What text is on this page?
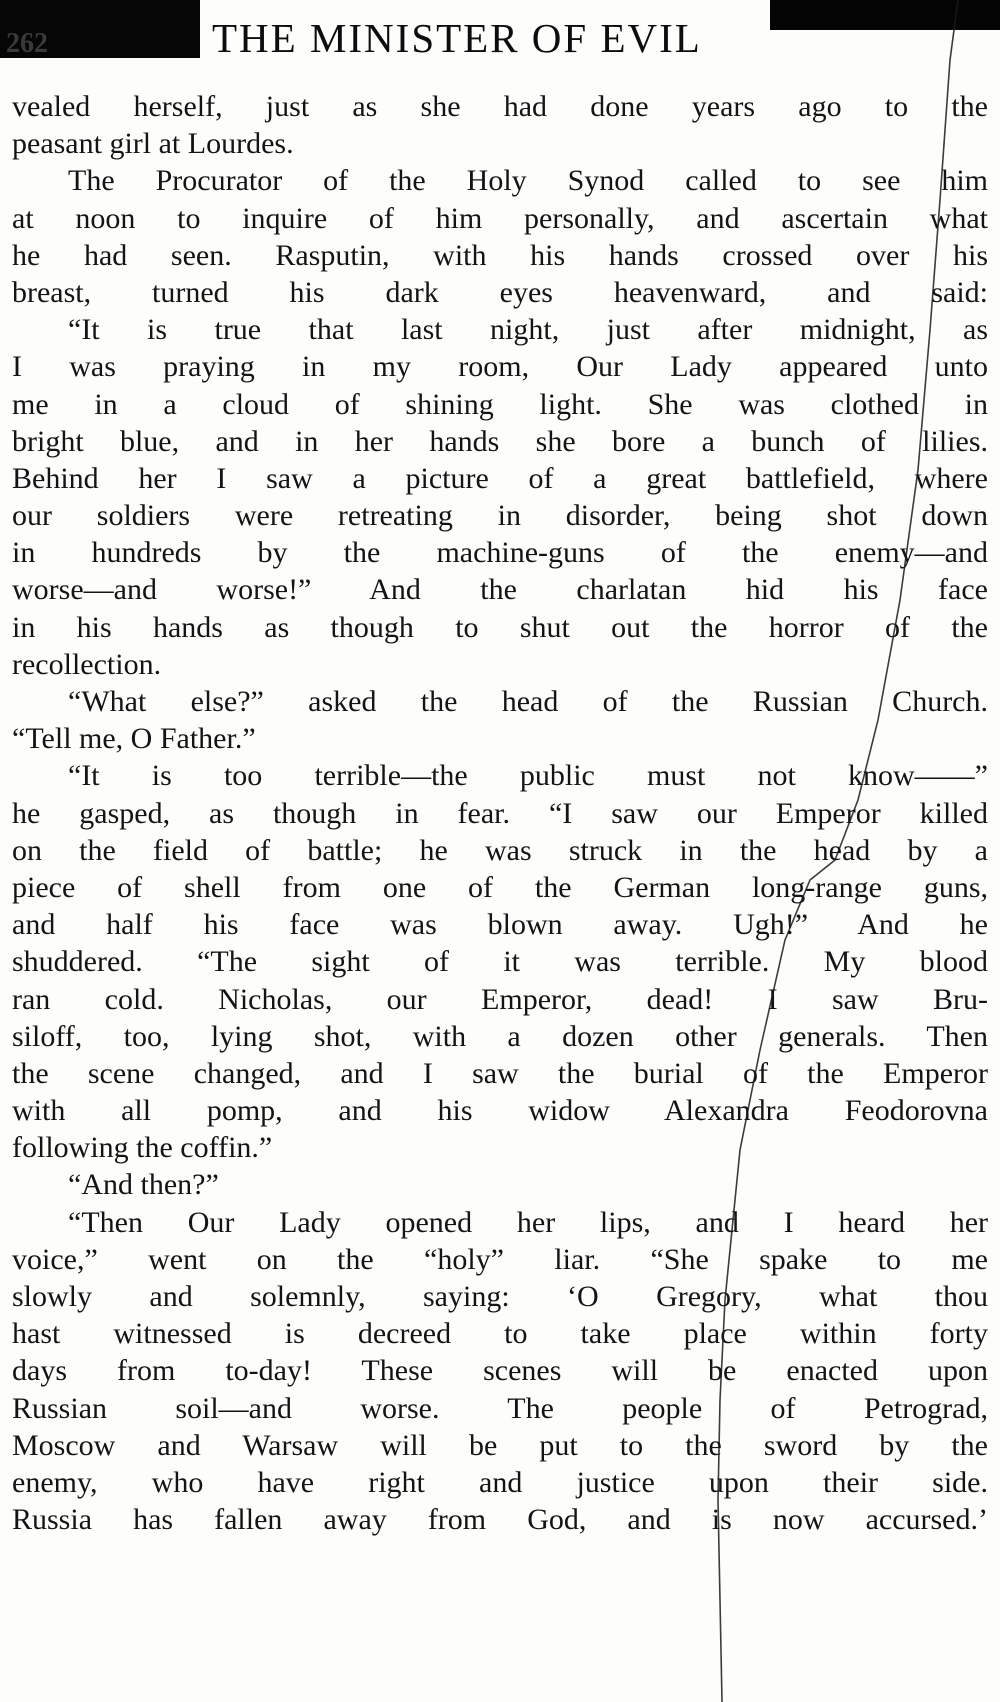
262	THE MINISTER OF EVIL
vealed herself, just as she had done years ago to the
peasant girl at Lourdes.
The Procurator of the Holy Synod called to see him
at noon to inquire of him personally, and ascertain what
he had seen. Rasputin, with his hands crossed over his
breast, turned his dark eyes heavenward, and said:
“It is true that last night, just after midnight, as
I was praying in my room, Our Lady appeared unto
me in a cloud of shining light. She was clothed in
bright blue, and in her hands she bore a bunch of lilies.
Behind her I saw a picture of a great battlefield, where
our soldiers were retreating in disorder, being shot down
in hundreds by the machine-guns of the enemy—and
worse—and worse!” And the charlatan hid his face
in his hands as though to shut out the horror of the
recollection.
“What else?” asked the head of the Russian Church.
“Tell me, O Father.”
“It is too terrible—the public must not know——”
he gasped, as though in fear. “I saw our Emperor killed
on the field of battle; he was struck in the head by a
piece of shell from one of the German long-range guns,
and half his face was blown away. Ugh!” And he
shuddered. “The sight of it was terrible. My blood
ran cold. Nicholas, our Emperor, dead! I saw Bru-
siloff, too, lying shot, with a dozen other generals. Then
the scene changed, and I saw the burial of the Emperor
with all pomp, and his widow Alexandra Feodorovna
following the coffin.”
“And then?”
“Then Our Lady opened her lips, and I heard her
voice,” went on the “holy” liar. “She spake to me
slowly and solemnly, saying: ‘O Gregory, what thou
hast witnessed is decreed to take place within forty
days from to-day! These scenes will be enacted upon
Russian soil—and worse. The people of Petrograd,
Moscow and Warsaw will be put to the sword by the
enemy, who have right and justice upon their side.
Russia has fallen away from God, and is now accursed.’
